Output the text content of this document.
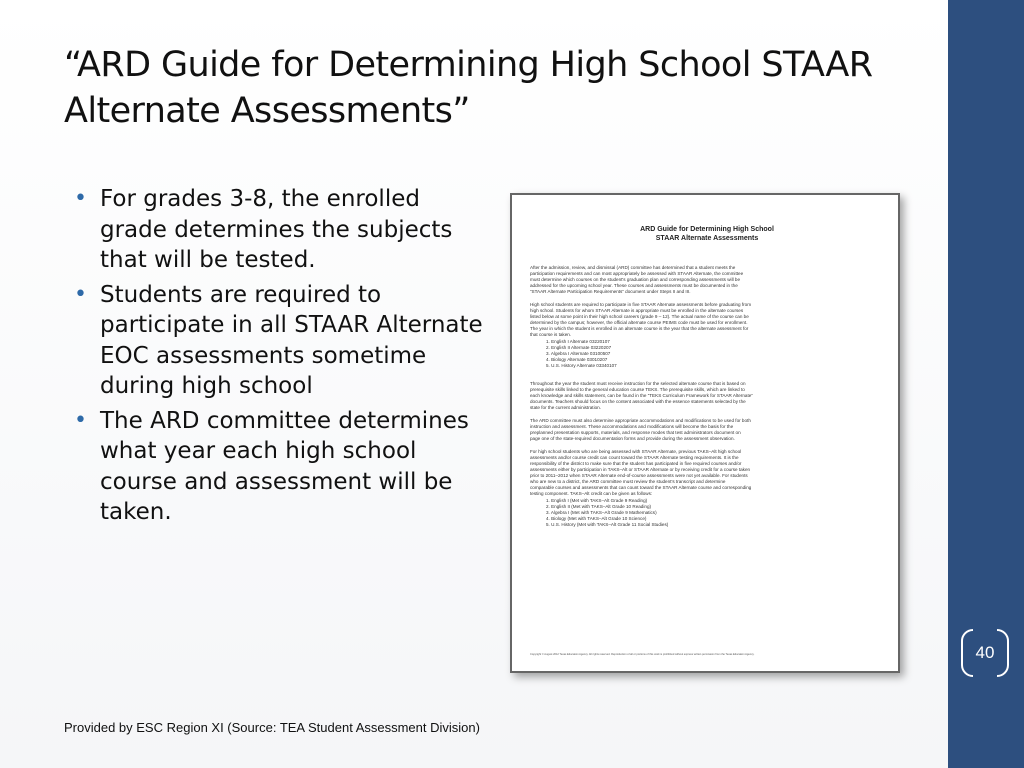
40
“ARD Guide for Determining High School STAAR Alternate Assessments”
• For grades 3-8, the enrolled grade determines the subjects that will be tested.
• Students are required to participate in all STAAR Alternate EOC assessments sometime during high school
• The ARD committee determines what year each high school course and assessment will be taken.
ARD Guide for Determining High School
STAAR Alternate Assessments
After the admission, review, and dismissal (ARD) committee has determined that a student meets the
participation requirements and can most appropriately be assessed with STAAR Alternate, the committee
must determine which courses on the student's graduation plan and corresponding assessments will be
addressed for the upcoming school year. These courses and assessments must be documented in the
“STAAR Alternate Participation Requirements” document under Steps II and III.
High school students are required to participate in five STAAR Alternate assessments before graduating from
high school. Students for whom STAAR Alternate is appropriate must be enrolled in the alternate courses
listed below at some point in their high school careers (grade 9 – 12). The actual name of the course can be
determined by the campus; however, the official alternate course PEIMS code must be used for enrollment.
The year in which the student is enrolled in an alternate course is the year that the alternate assessment for
that course is taken.
1. English I Alternate 03220107
2. English II Alternate 03220207
3. Algebra I Alternate 03100507
4. Biology Alternate 03010207
5. U.S. History Alternate 03340107
Throughout the year the student must receive instruction for the selected alternate course that is based on
prerequisite skills linked to the general education course TEKS. The prerequisite skills, which are linked to
each knowledge and skills statement, can be found in the “TEKS Curriculum Framework for STAAR Alternate”
documents. Teachers should focus on the content associated with the essence statements selected by the
state for the current administration.
The ARD committee must also determine appropriate accommodations and modifications to be used for both
instruction and assessment. These accommodations and modifications will become the basis for the
preplanned presentation supports, materials, and response modes that test administrators document on
page one of the state-required documentation forms and provide during the assessment observation.
For high school students who are being assessed with STAAR Alternate, previous TAKS–Alt high school
assessments and/or course credit can count toward the STAAR Alternate testing requirements. It is the
responsibility of the district to make sure that the student has participated in five required courses and/or
assessments either by participation in TAKS–Alt or STAAR Alternate or by receiving credit for a course taken
prior to 2011–2012 when STAAR Alternate end-of-course assessments were not yet available. For students
who are new to a district, the ARD committee must review the student's transcript and determine
comparable courses and assessments that can count toward the STAAR Alternate course and corresponding
testing component. TAKS–Alt credit can be given as follows:
1. English I (Met with TAKS–Alt Grade 9 Reading)
2. English II (Met with TAKS–Alt Grade 10 Reading)
3. Algebra I (Met with TAKS–Alt Grade 9 Mathematics)
4. Biology (Met with TAKS–Alt Grade 10 Science)
5. U.S. History (Met with TAKS–Alt Grade 11 Social Studies)
Copyright © August 2012 Texas Education Agency. All rights reserved. Reproduction of all or portions of this work is prohibited without express written permission from the Texas Education Agency.
Provided by ESC Region XI (Source: TEA Student Assessment Division)
